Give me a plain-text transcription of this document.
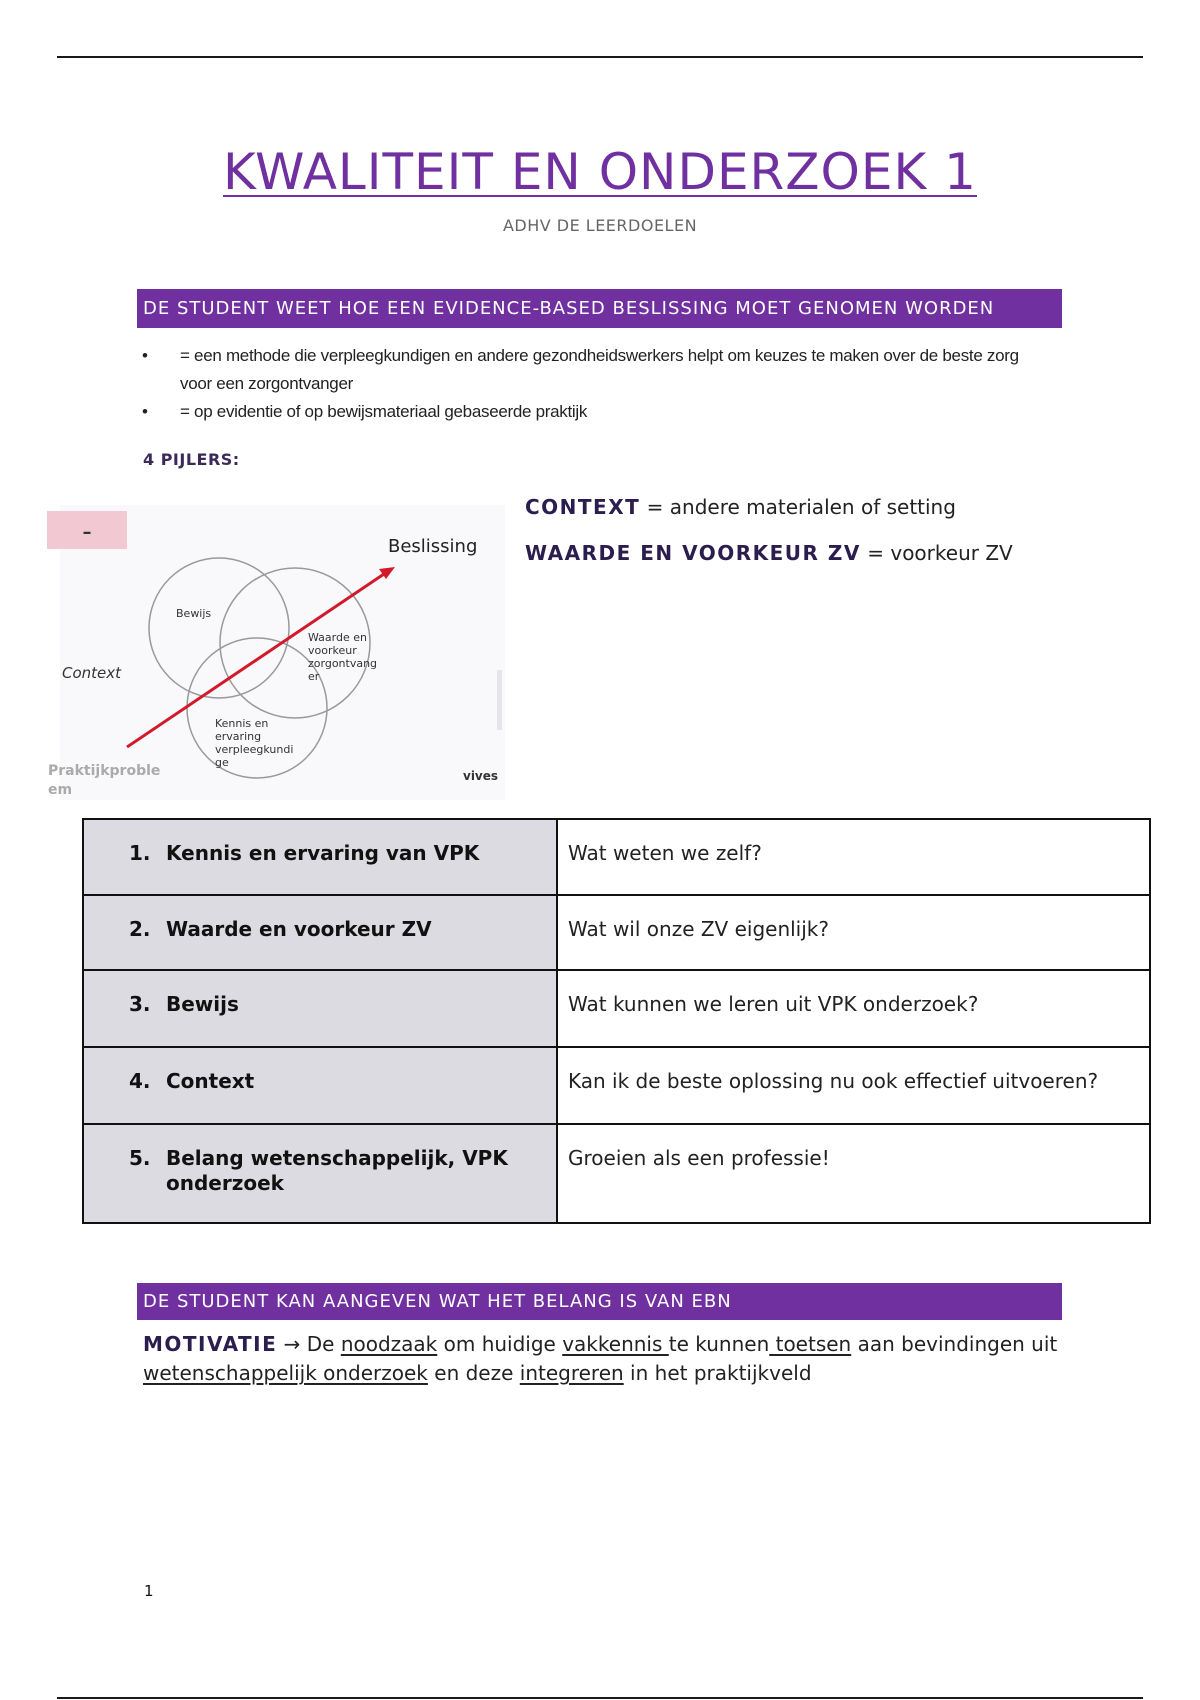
KWALITEIT EN ONDERZOEK 1
ADHV DE LEERDOELEN
DE STUDENT WEET HOE EEN EVIDENCE-BASED BESLISSING MOET GENOMEN WORDEN
• = een methode die verpleegkundigen en andere gezondheidswerkers helpt om keuzes te maken over de beste zorg voor een zorgontvanger
• = op evidentie of op bewijsmateriaal gebaseerde praktijk
4 PIJLERS:
–
Beslissing
Bewijs
Waarde en voorkeur zorgontvang er
Kennis en ervaring verpleegkundi ge
Context
Praktijkproble em
vives
CONTEXT = andere materialen of setting
WAARDE EN VOORKEUR ZV = voorkeur ZV
1. Kennis en ervaring van VPK	Wat weten we zelf?

2. Waarde en voorkeur ZV	Wat wil onze ZV eigenlijk?

3. Bewijs	Wat kunnen we leren uit VPK onderzoek?

4. Context	Kan ik de beste oplossing nu ook effectief uitvoeren?

5. Belang wetenschappelijk, VPK onderzoek	Groeien als een professie!
DE STUDENT KAN AANGEVEN WAT HET BELANG IS VAN EBN
MOTIVATIE → De noodzaak om huidige vakkennis te kunnen toetsen aan bevindingen uit wetenschappelijk onderzoek en deze integreren in het praktijkveld
1
